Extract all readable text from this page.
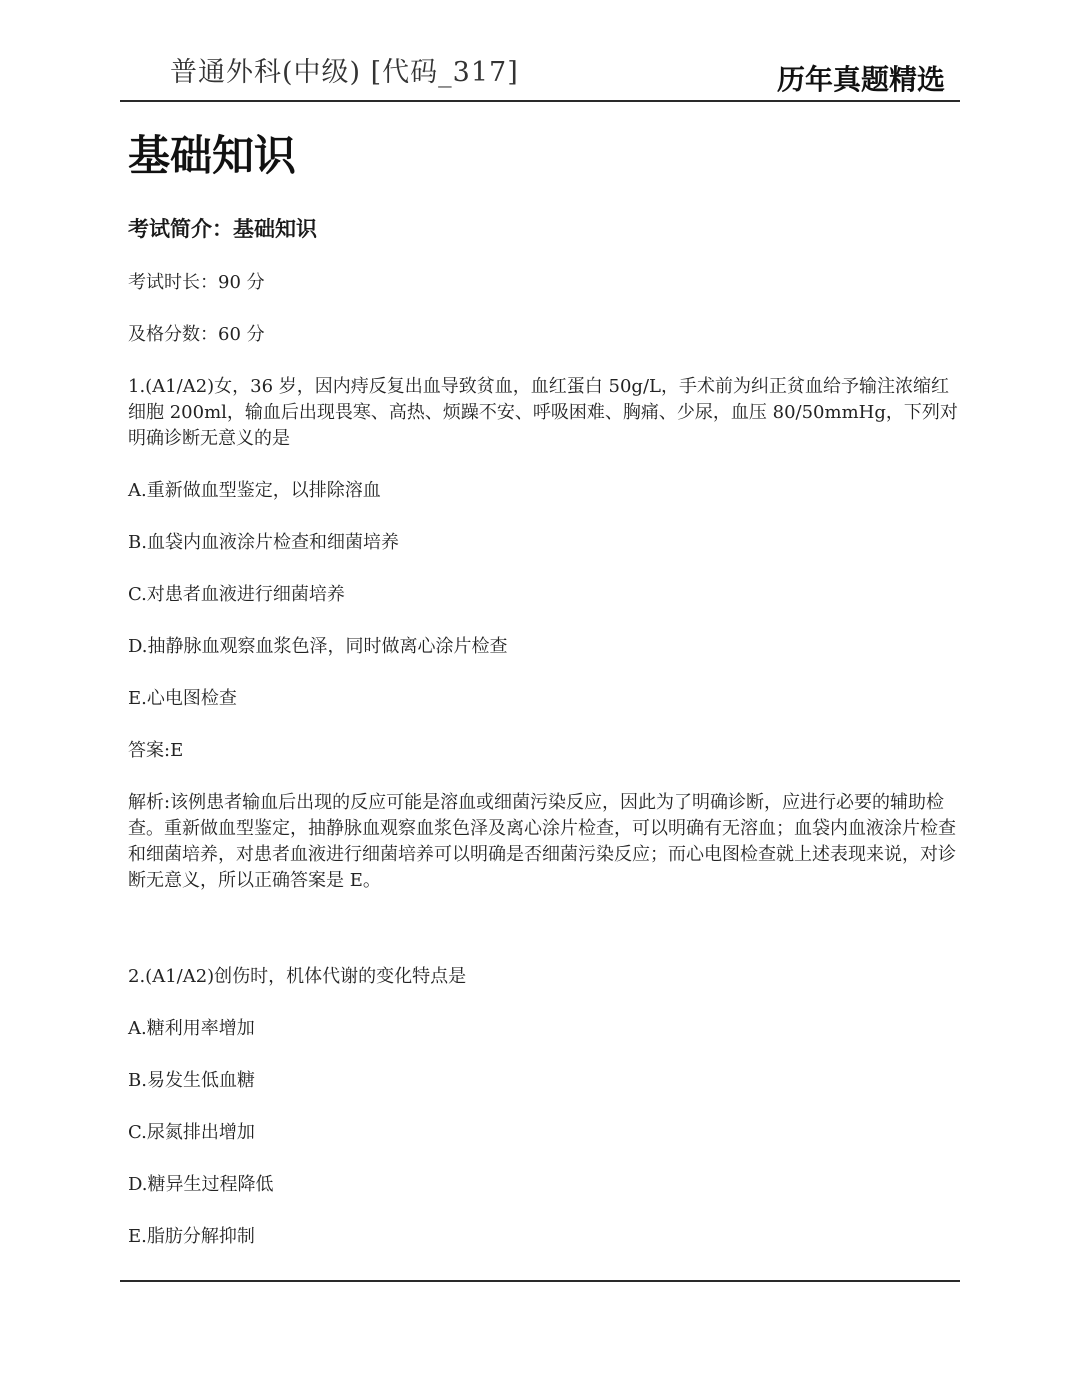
普通外科(中级) [代码_317]	历年真题精选
基础知识
考试简介：基础知识
考试时长：90 分
及格分数：60 分
1.(A1/A2)女，36 岁，因内痔反复出血导致贫血，血红蛋白 50g/L，手术前为纠正贫血给予输注浓缩红细胞 200ml，输血后出现畏寒、高热、烦躁不安、呼吸困难、胸痛、少尿，血压 80/50mmHg，下列对明确诊断无意义的是
A.重新做血型鉴定，以排除溶血
B.血袋内血液涂片检查和细菌培养
C.对患者血液进行细菌培养
D.抽静脉血观察血浆色泽，同时做离心涂片检查
E.心电图检查
答案:E
解析:该例患者输血后出现的反应可能是溶血或细菌污染反应，因此为了明确诊断，应进行必要的辅助检查。重新做血型鉴定，抽静脉血观察血浆色泽及离心涂片检查，可以明确有无溶血；血袋内血液涂片检查和细菌培养，对患者血液进行细菌培养可以明确是否细菌污染反应；而心电图检查就上述表现来说，对诊断无意义，所以正确答案是 E。
2.(A1/A2)创伤时，机体代谢的变化特点是
A.糖利用率增加
B.易发生低血糖
C.尿氮排出增加
D.糖异生过程降低
E.脂肪分解抑制
